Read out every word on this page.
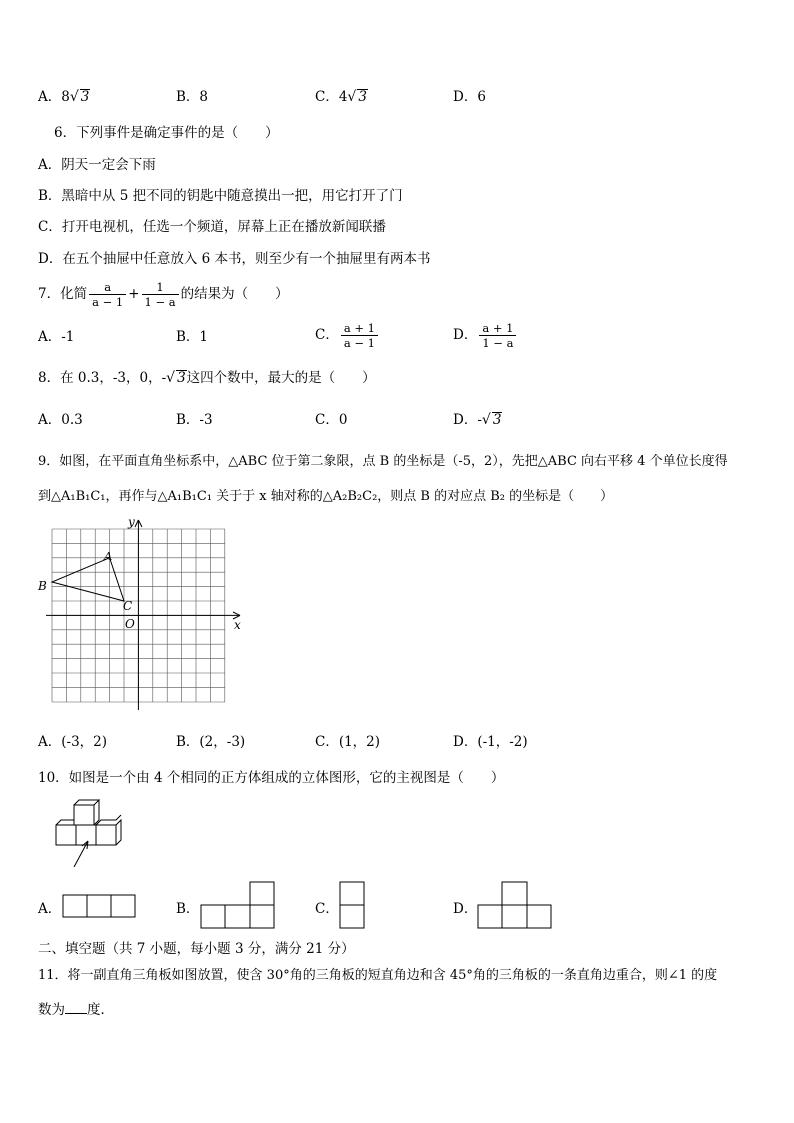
A．8√ 3	B．8	C．4√ 3	D．6
6．下列事件是确定事件的是（　　）
A．阴天一定会下雨
B．黑暗中从 5 把不同的钥匙中随意摸出一把，用它打开了门
C．打开电视机，任选一个频道，屏幕上正在播放新闻联播
D．在五个抽屉中任意放入 6 本书，则至少有一个抽屉里有两本书
7．化简 $\frac{a}{a - 1} + \frac{1}{1 - a}$ 的结果为（　　）
A．-1	B．1	C． $\frac{a + 1}{a - 1}$	D． $\frac{a + 1}{1 - a}$
8．在 0.3，-3，0，-√ 3这四个数中，最大的是（　　）
A．0.3	B．-3	C．0	D．-√ 3
9．如图，在平面直角坐标系中，△ABC 位于第二象限，点 B 的坐标是（-5，2），先把△ABC 向右平移 4 个单位长度得
到△A₁B₁C₁，再作与△A₁B₁C₁ 关于于 x 轴对称的△A₂B₂C₂，则点 B 的对应点 B₂ 的坐标是（　　）
y
x
A
B
C
O
A．(-3，2)	B．(2，-3)	C．(1，2)	D．(-1，-2)
10．如图是一个由 4 个相同的正方体组成的立体图形，它的主视图是（　　）
A．	B．	C．	D．
二、填空题（共 7 小题，每小题 3 分，满分 21 分）
11．将一副直角三角板如图放置，使含 30°角的三角板的短直角边和含 45°角的三角板的一条直角边重合，则∠1 的度
数为 度．
